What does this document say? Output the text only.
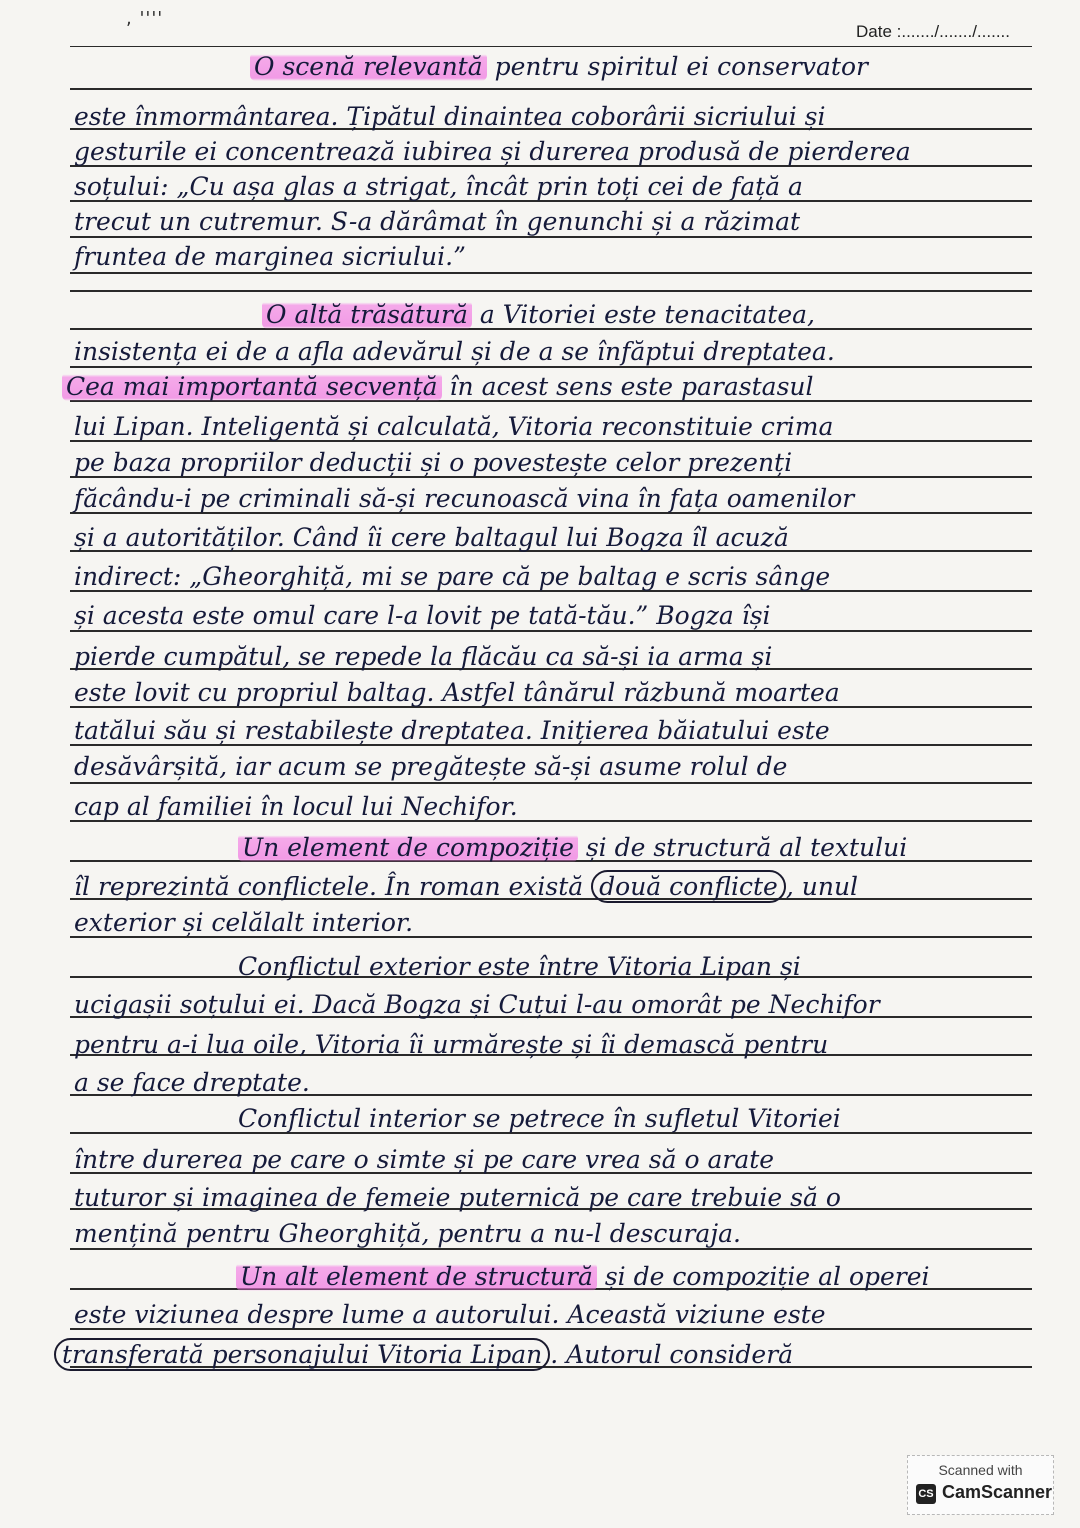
, ''''
Date :......./......./.......
O scenă relevantă pentru spiritul ei conservator
este înmormântarea. Țipătul dinaintea coborârii sicriului și
gesturile ei concentrează iubirea și durerea produsă de pierderea
soțului: „Cu așa glas a strigat, încât prin toți cei de față a
trecut un cutremur. S-a dărâmat în genunchi și a răzimat
fruntea de marginea sicriului.”
O altă trăsătură a Vitoriei este tenacitatea,
insistența ei de a afla adevărul și de a se înfăptui dreptatea.
Cea mai importantă secvență în acest sens este parastasul
lui Lipan. Inteligentă și calculată, Vitoria reconstituie crima
pe baza propriilor deducții și o povestește celor prezenți
făcându-i pe criminali să-și recunoască vina în fața oamenilor
și a autorităților. Când îi cere baltagul lui Bogza îl acuză
indirect: „Gheorghiță, mi se pare că pe baltag e scris sânge
și acesta este omul care l-a lovit pe tată-tău.” Bogza își
pierde cumpătul, se repede la flăcău ca să-și ia arma și
este lovit cu propriul baltag. Astfel tânărul răzbună moartea
tatălui său și restabilește dreptatea. Inițierea băiatului este
desăvârșită, iar acum se pregătește să-și asume rolul de
cap al familiei în locul lui Nechifor.
Un element de compoziție și de structură al textului
îl reprezintă conflictele. În roman există două conflicte , unul
exterior și celălalt interior.
Conflictul exterior este între Vitoria Lipan și
ucigașii soțului ei. Dacă Bogza și Cuțui l-au omorât pe Nechifor
pentru a-i lua oile, Vitoria îi urmărește și îi demască pentru
a se face dreptate.
Conflictul interior se petrece în sufletul Vitoriei
între durerea pe care o simte și pe care vrea să o arate
tuturor și imaginea de femeie puternică pe care trebuie să o
mențină pentru Gheorghiță, pentru a nu-l descuraja.
Un alt element de structură și de compoziție al operei
este viziunea despre lume a autorului. Această viziune este
transferată personajului Vitoria Lipan . Autorul consideră
Scanned with
CS CamScanner
